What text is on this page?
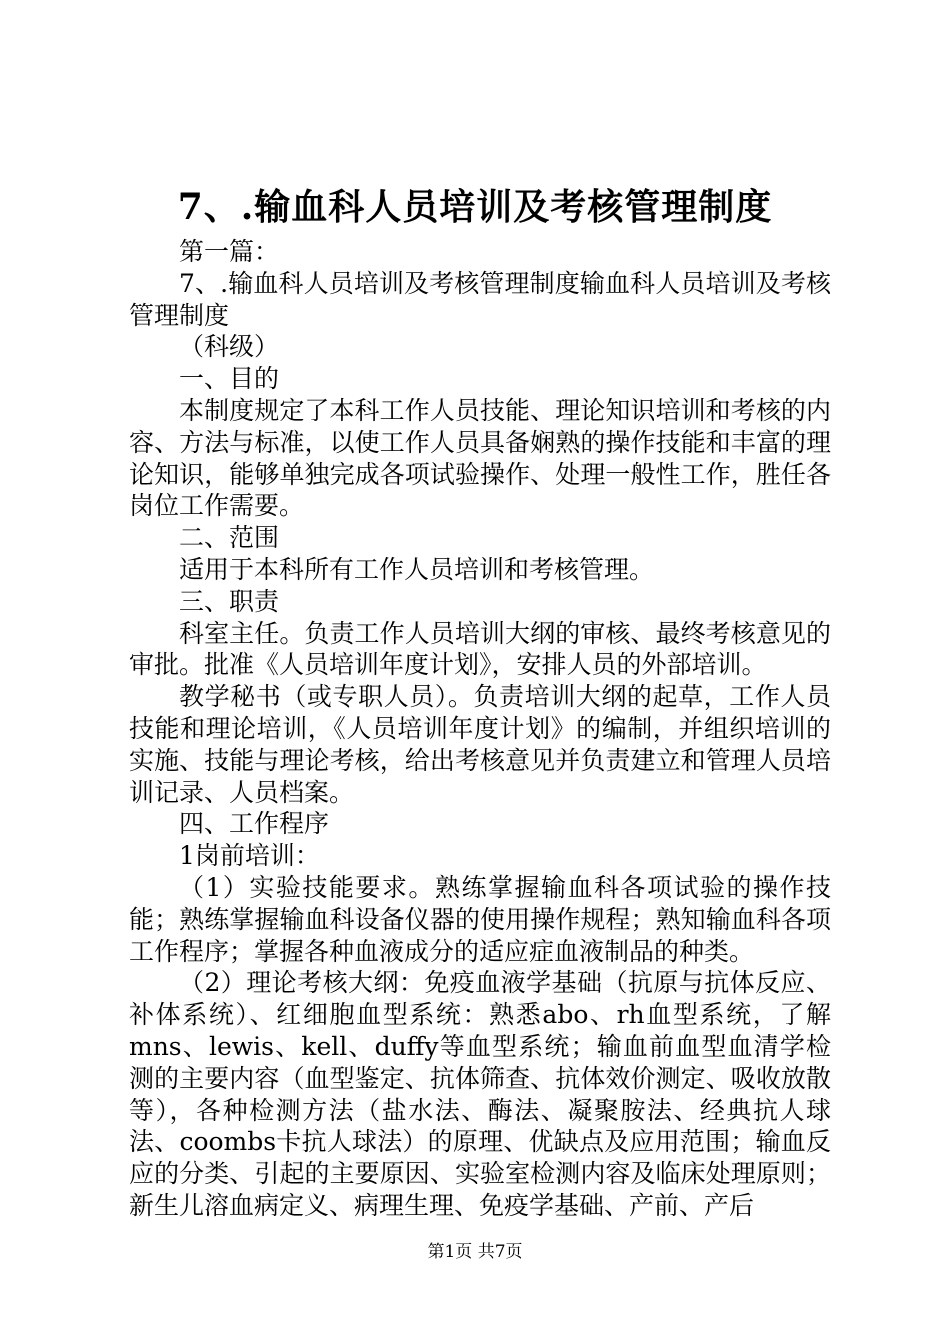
7、.输血科人员培训及考核管理制度

第一篇：

7、.输血科人员培训及考核管理制度输血科人员培训及考核管理制度

（科级）

一、目的

本制度规定了本科工作人员技能、理论知识培训和考核的内容、方法与标准，以使工作人员具备娴熟的操作技能和丰富的理论知识，能够单独完成各项试验操作、处理一般性工作，胜任各岗位工作需要。

二、范围

适用于本科所有工作人员培训和考核管理。

三、职责

科室主任。负责工作人员培训大纲的审核、最终考核意见的审批。批准《人员培训年度计划》，安排人员的外部培训。

教学秘书（或专职人员）。负责培训大纲的起草，工作人员技能和理论培训，《人员培训年度计划》的编制，并组织培训的实施、技能与理论考核，给出考核意见并负责建立和管理人员培训记录、人员档案。

四、工作程序

1岗前培训：

（1）实验技能要求。熟练掌握输血科各项试验的操作技能；熟练掌握输血科设备仪器的使用操作规程；熟知输血科各项工作程序；掌握各种血液成分的适应症血液制品的种类。

（2）理论考核大纲：免疫血液学基础（抗原与抗体反应、补体系统）、红细胞血型系统：熟悉abo、rh血型系统，了解mns、lewis、kell、duffy等血型系统；输血前血型血清学检测的主要内容（血型鉴定、抗体筛查、抗体效价测定、吸收放散等），各种检测方法（盐水法、酶法、凝聚胺法、经典抗人球法、coombs卡抗人球法）的原理、优缺点及应用范围；输血反应的分类、引起的主要原因、实验室检测内容及临床处理原则；新生儿溶血病定义、病理生理、免疫学基础、产前、产后

第1页 共7页
